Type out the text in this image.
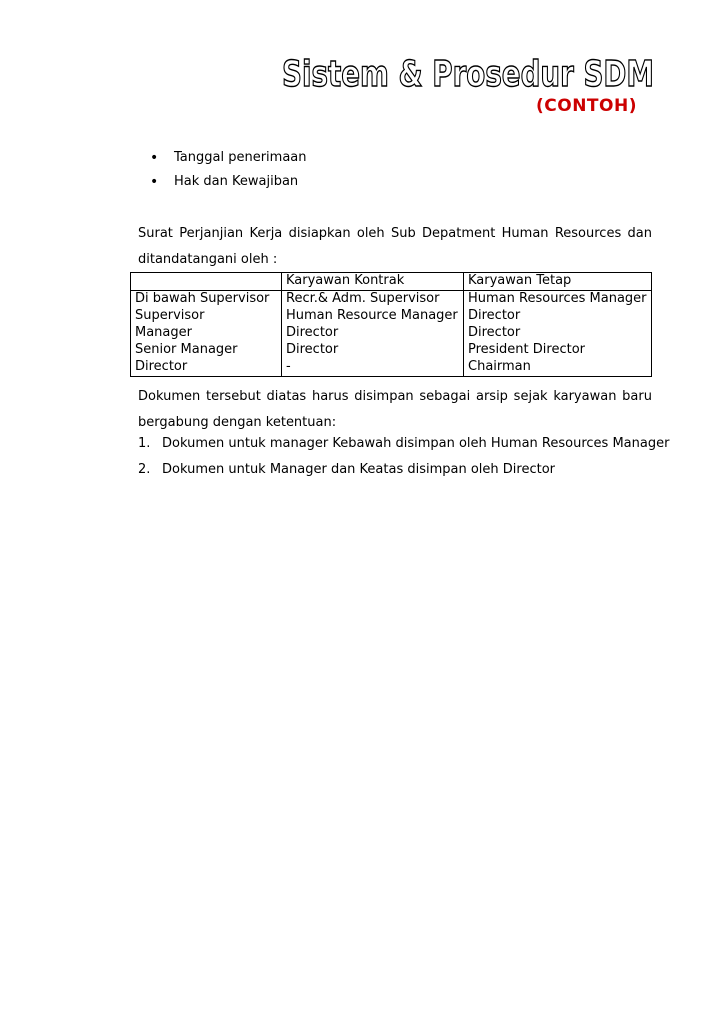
Sistem & Prosedur SDM
(CONTOH)
• Tanggal penerimaan
• Hak dan Kewajiban
Surat Perjanjian Kerja disiapkan oleh Sub Depatment Human Resources dan
ditandatangani oleh :
	Karyawan Kontrak	Karyawan Tetap
Di bawah Supervisor	Recr.& Adm. Supervisor	Human Resources Manager
Supervisor	Human Resource Manager	Director
Manager	Director	Director
Senior Manager	Director	President Director
Director	-	Chairman
Dokumen tersebut diatas harus disimpan sebagai arsip sejak karyawan baru
bergabung dengan ketentuan:
1. Dokumen untuk manager Kebawah disimpan oleh Human Resources Manager
2. Dokumen untuk Manager dan Keatas disimpan oleh Director
